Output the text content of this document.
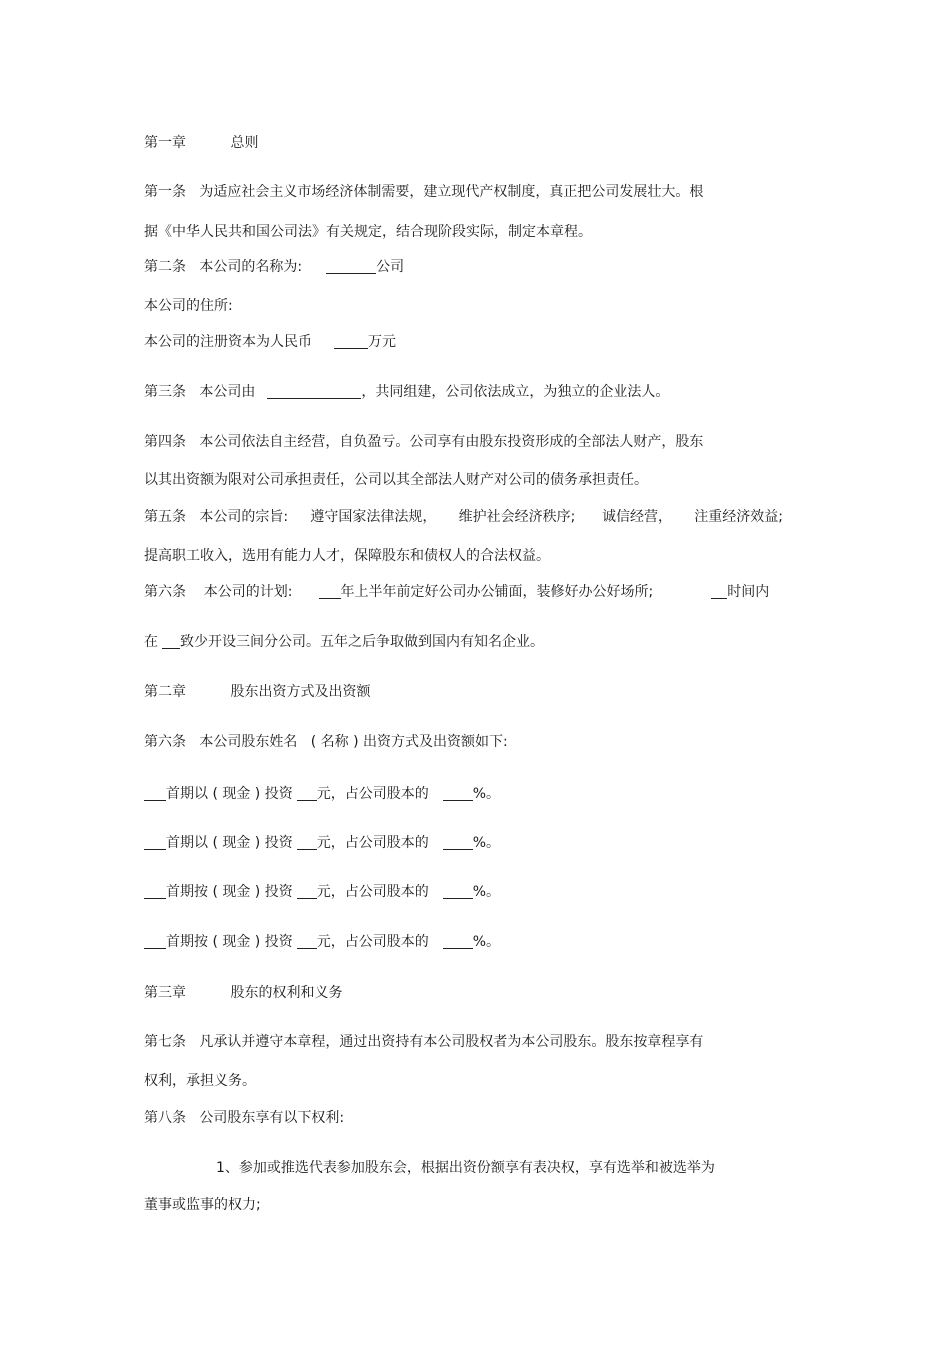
第一章          总则
第一条   为适应社会主义市场经济体制需要，建立现代产权制度，真正把公司发展壮大。根
据《中华人民共和国公司法》有关规定，结合现阶段实际，制定本章程。
第二条   本公司的名称为:	公司
本公司的住所:
本公司的注册资本为人民币	万元
第三条   本公司由	，共同组建，公司依法成立，为独立的企业法人。
第四条   本公司依法自主经营，自负盈亏。公司享有由股东投资形成的全部法人财产，股东
以其出资额为限对公司承担责任，公司以其全部法人财产对公司的债务承担责任。
第五条   本公司的宗旨:     遵守国家法律法规，     维护社会经济秩序;      诚信经营，     注重经济效益;
提高职工收入，选用有能力人才，保障股东和债权人的合法权益。
第六条    本公司的计划:	年上半年前定好公司办公铺面，装修好办公好场所;	时间内
在 致少开设三间分公司。五年之后争取做到国内有知名企业。
第二章          股东出资方式及出资额
第六条   本公司股东姓名   ( 名称 ) 出资方式及出资额如下:
首期以 ( 现金 ) 投资 元，占公司股本的	%。
首期以 ( 现金 ) 投资 元，占公司股本的	%。
首期按 ( 现金 ) 投资 元，占公司股本的	%。
首期按 ( 现金 ) 投资 元，占公司股本的	%。
第三章          股东的权利和义务
第七条   凡承认并遵守本章程，通过出资持有本公司股权者为本公司股东。股东按章程享有
权利，承担义务。
第八条   公司股东享有以下权利:
1、参加或推选代表参加股东会，根据出资份额享有表决权，享有选举和被选举为
董事或监事的权力;
